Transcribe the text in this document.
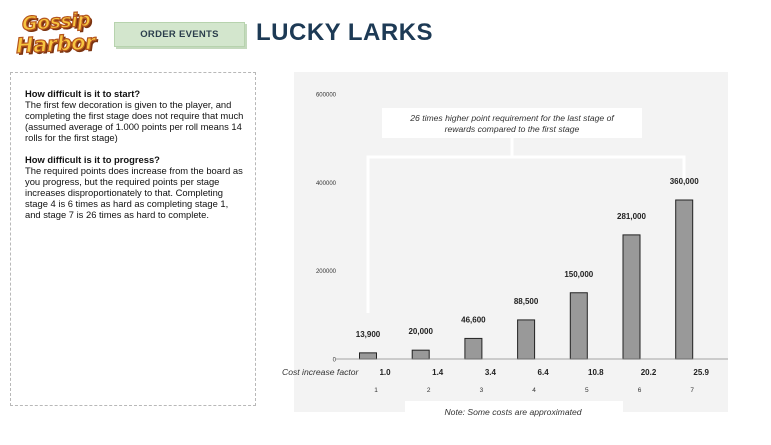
Gossip
Harbor	ORDER EVENTS	LUCKY LARKS
How difficult is it to start?

The first few decoration is given to the player, and completing the first stage does not require that much (assumed average of 1.000 points per roll means 14 rolls for the first stage)

How difficult is it to progress?

The required points does increase from the board as you progress, but the required points per stage increases disproportionately to that. Completing stage 4 is 6 times as hard as completing stage 1, and stage 7 is 26 times as hard to complete.

0
200000
400000
600000
13,900	20,000
46,600
88,500
150,000
281,000
360,000
1.0	1.4	3.4	6.4	10.8	20.2	25.9
1	2	3	4	5	6	7
26 times higher point requirement for the last stage of rewards compared to the first stage
Cost increase factor
Note: Some costs are approximated
